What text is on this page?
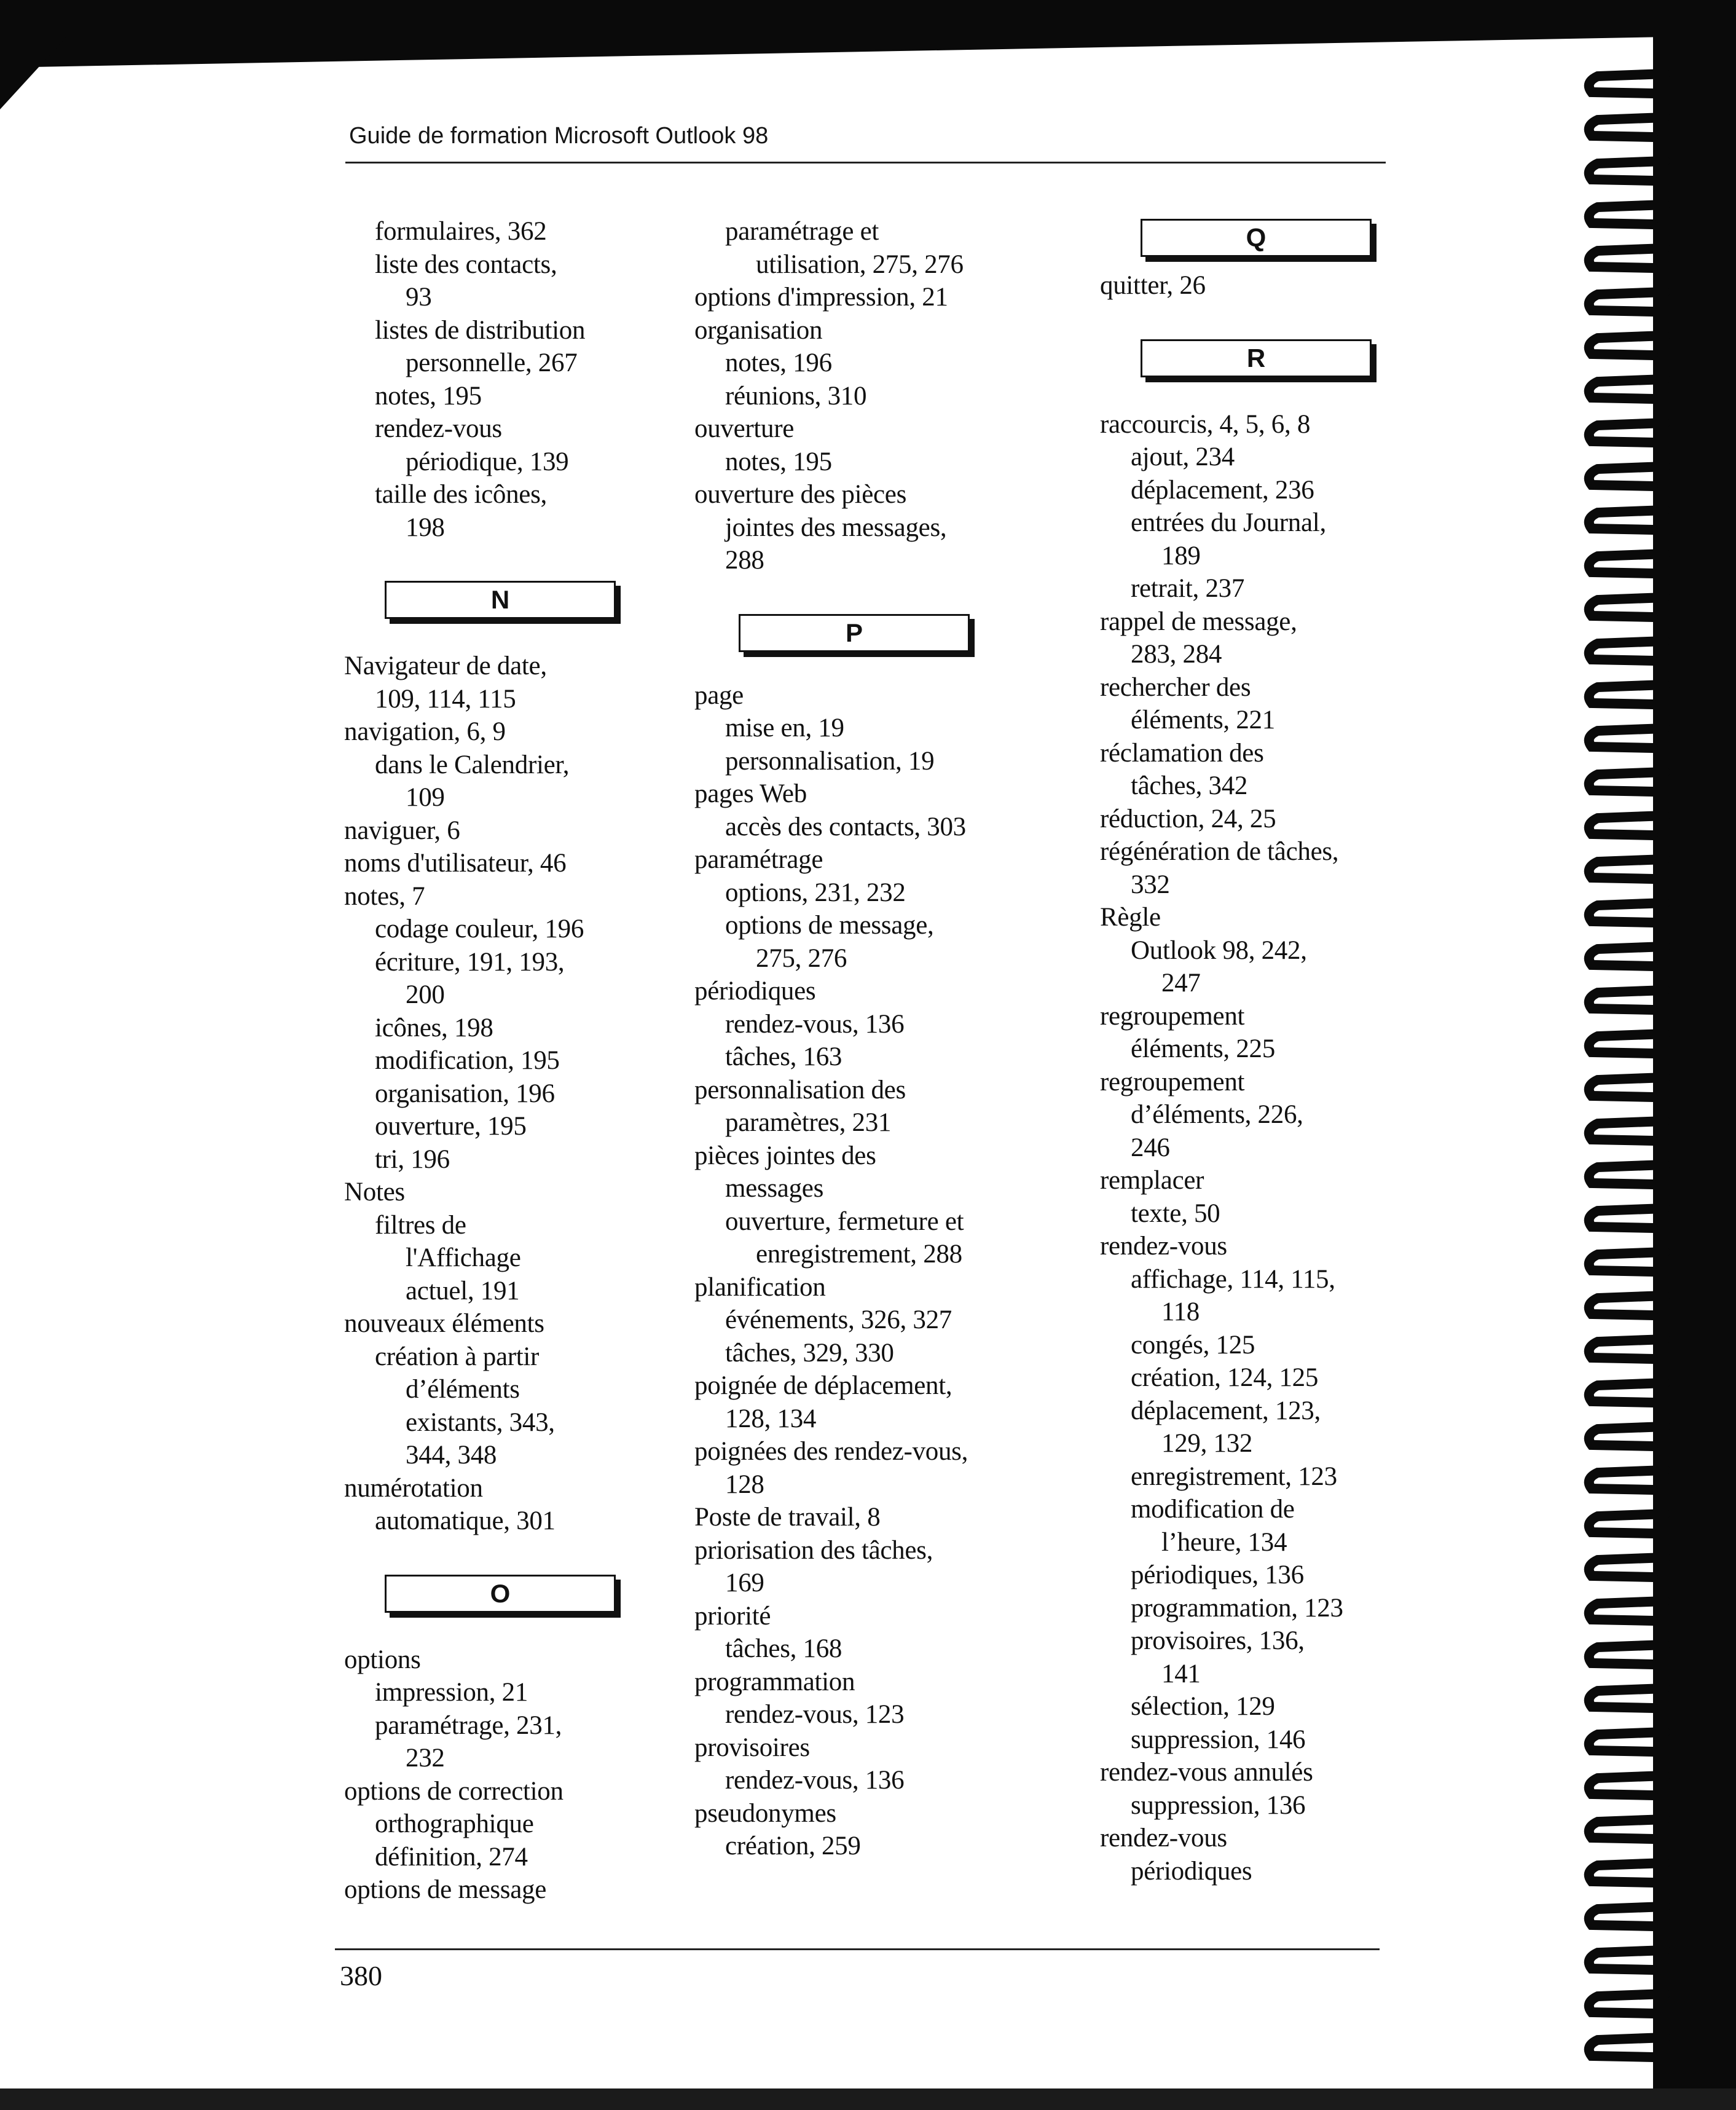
Guide de formation Microsoft Outlook 98
formulaires, 362
liste des contacts,
93
listes de distribution
personnelle, 267
notes, 195
rendez-vous
périodique, 139
taille des icônes,
198
N
Navigateur de date,
109, 114, 115
navigation, 6, 9
dans le Calendrier,
109
naviguer, 6
noms d'utilisateur, 46
notes, 7
codage couleur, 196
écriture, 191, 193,
200
icônes, 198
modification, 195
organisation, 196
ouverture, 195
tri, 196
Notes
filtres de
l'Affichage
actuel, 191
nouveaux éléments
création à partir
d’éléments
existants, 343,
344, 348
numérotation
automatique, 301
O
options
impression, 21
paramétrage, 231,
232
options de correction
orthographique
définition, 274
options de message
paramétrage et
utilisation, 275, 276
options d'impression, 21
organisation
notes, 196
réunions, 310
ouverture
notes, 195
ouverture des pièces
jointes des messages,
288
P
page
mise en, 19
personnalisation, 19
pages Web
accès des contacts, 303
paramétrage
options, 231, 232
options de message,
275, 276
périodiques
rendez-vous, 136
tâches, 163
personnalisation des
paramètres, 231
pièces jointes des
messages
ouverture, fermeture et
enregistrement, 288
planification
événements, 326, 327
tâches, 329, 330
poignée de déplacement,
128, 134
poignées des rendez-vous,
128
Poste de travail, 8
priorisation des tâches,
169
priorité
tâches, 168
programmation
rendez-vous, 123
provisoires
rendez-vous, 136
pseudonymes
création, 259
Q
quitter, 26
R
raccourcis, 4, 5, 6, 8
ajout, 234
déplacement, 236
entrées du Journal,
189
retrait, 237
rappel de message,
283, 284
rechercher des
éléments, 221
réclamation des
tâches, 342
réduction, 24, 25
régénération de tâches,
332
Règle
Outlook 98, 242,
247
regroupement
éléments, 225
regroupement
d’éléments, 226,
246
remplacer
texte, 50
rendez-vous
affichage, 114, 115,
118
congés, 125
création, 124, 125
déplacement, 123,
129, 132
enregistrement, 123
modification de
l’heure, 134
périodiques, 136
programmation, 123
provisoires, 136,
141
sélection, 129
suppression, 146
rendez-vous annulés
suppression, 136
rendez-vous
périodiques
380
